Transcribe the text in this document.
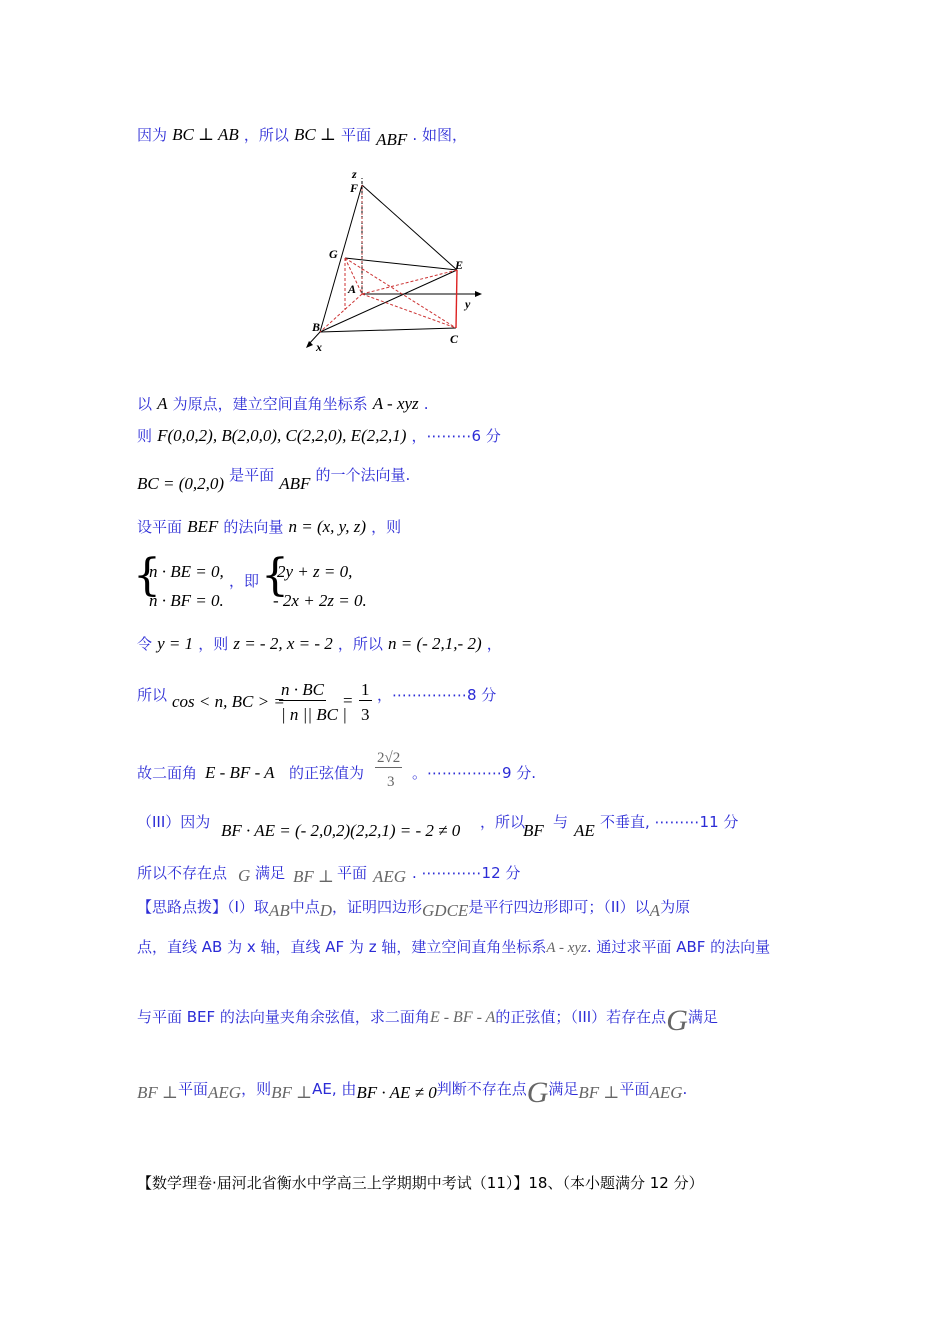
因为 BC ⊥ AB ，所以 BC ⊥ 平面 ABF . 如图，
z
F
G
E
A
y
B
x
C
以 A 为原点，建立空间直角坐标系 A - xyz .
则 F(0,0,2), B(2,0,0), C(2,2,0), E(2,2,1) ，⋯⋯⋯6 分
BC = (0,2,0) 是平面 ABF 的一个法向量.
设平面 BEF 的法向量 n = (x, y, z) ，则
{
n · BE = 0,
n · BF = 0.
，即 {
2y + z = 0,
- 2x + 2z = 0.
令 y = 1 ，则 z = - 2, x = - 2 ，所以 n = (- 2,1,- 2) ，
所以 cos < n, BC > =
n · BC
| n || BC |
=
1
3
，⋯⋯⋯⋯⋯8 分
故二面角 E - BF - A 的正弦值为
2√2
3 。⋯⋯⋯⋯⋯9 分.
（III）因为 BF · AE = (- 2,0,2)(2,2,1) = - 2 ≠ 0 ，所以
BF 与 AE 不垂直, ⋯⋯⋯11 分
所以不存在点 G 满足 BF ⊥ 平面 AEG . ⋯⋯⋯⋯12 分
【思路点拨】（I）取AB中点D，证明四边形GDCE是平行四边形即可；（II）以A为原
点，直线 AB 为 x 轴，直线 AF 为 z 轴，建立空间直角坐标系A - xyz. 通过求平面 ABF 的法向量
与平面 BEF 的法向量夹角余弦值，求二面角E - BF - A的正弦值；（III）若存在点G满足
BF ⊥平面AEG，则BF ⊥AE, 由BF · AE ≠ 0判断不存在点G满足BF ⊥平面AEG.
【数学理卷·届河北省衡水中学高三上学期期中考试（11）】18、（本小题满分 12 分）
